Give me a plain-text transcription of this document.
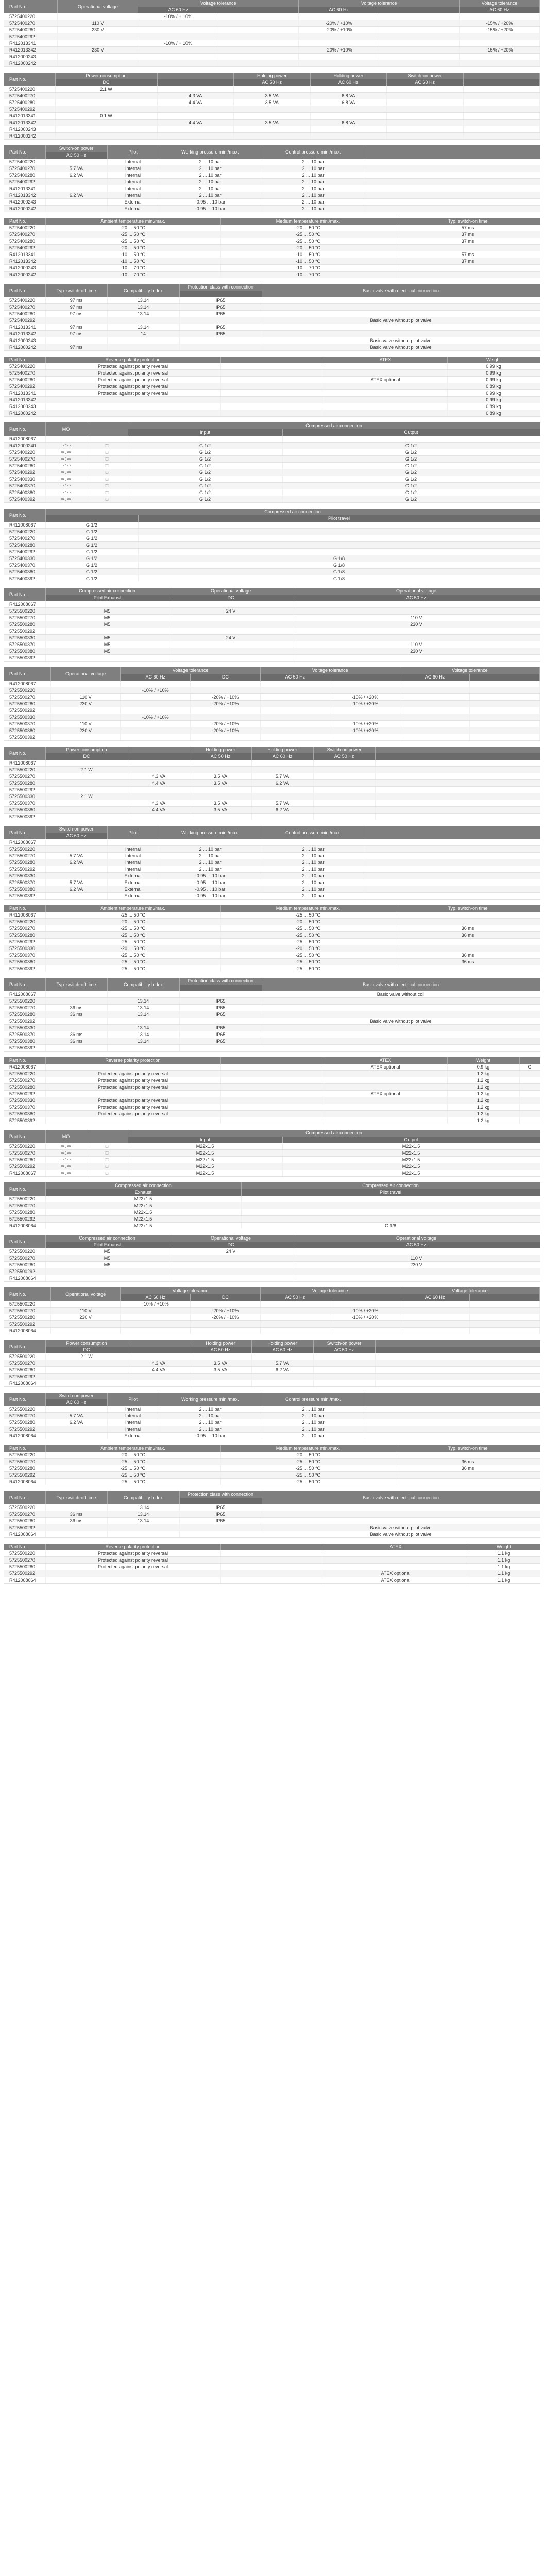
Part No.	Operational voltage	Voltage tolerance		Voltage tolerance		Voltage tolerance
		AC 60 Hz		AC 60 Hz		AC 60 Hz
5725400220		-10% / + 10%				
5725400270	110 V			-20% / +10%		-15% / +20%
5725400280	230 V			-20% / +10%		-15% / +20%
5725400292						
R412013341		-10% / + 10%				
R412013342	230 V			-20% / +10%		-15% / +20%
R412000243						
R412000242						
Part No.	Power consumption		Holding power	Holding power	Switch-on power	
	DC		AC 50 Hz	AC 60 Hz	AC 60 Hz	
5725400220	2.1 W					
5725400270		4.3 VA	3.5 VA	6.8 VA		
5725400280		4.4 VA	3.5 VA	6.8 VA		
5725400292						
R412013341	0.1 W					
R412013342		4.4 VA	3.5 VA	6.8 VA		
R412000243						
R412000242						
Part No.	Switch-on power	Pilot	Working pressure min./max.	Control pressure min./max.	
	AC 50 Hz				
5725400220		Internal	2 ... 10 bar	2 ... 10 bar	
5725400270	5.7 VA	Internal	2 ... 10 bar	2 ... 10 bar	
5725400280	6.2 VA	Internal	2 ... 10 bar	2 ... 10 bar	
5725400292		Internal	2 ... 10 bar	2 ... 10 bar	
R412013341		Internal	2 ... 10 bar	2 ... 10 bar	
R412013342	6.2 VA	Internal	2 ... 10 bar	2 ... 10 bar	
R412000243		External	-0.95 ... 10 bar	2 ... 10 bar	
R412000242		External	-0.95 ... 10 bar	2 ... 10 bar	
Part No.	Ambient temperature min./max.	Medium temperature min./max.	Typ. switch-on time
5725400220	-20 ... 50 °C	-20 ... 50 °C	57 ms
5725400270	-25 ... 50 °C	-25 ... 50 °C	37 ms
5725400280	-25 ... 50 °C	-25 ... 50 °C	37 ms
5725400292	-20 ... 50 °C	-20 ... 50 °C	
R412013341	-10 ... 50 °C	-10 ... 50 °C	57 ms
R412013342	-10 ... 50 °C	-10 ... 50 °C	37 ms
R412000243	-10 ... 70 °C	-10 ... 70 °C	
R412000242	-10 ... 70 °C	-10 ... 70 °C	
Part No.	Typ. switch-off time	Compatibility Index	Protection class with connection	Basic valve with electrical connection

5725400220	97 ms	13.14	IP65	
5725400270	97 ms	13.14	IP65	
5725400280	97 ms	13.14	IP65	
5725400292				Basic valve without pilot valve
R412013341	97 ms	13.14	IP65	
R412013342	97 ms	14	IP65	
R412000243				Basic valve without pilot valve
R412000242	97 ms			Basic valve without pilot valve
Part No.	Reverse polarity protection		ATEX	Weight
5725400220	Protected against polarity reversal			0.99 kg
5725400270	Protected against polarity reversal			0.99 kg
5725400280	Protected against polarity reversal		ATEX optional	0.99 kg
5725400292	Protected against polarity reversal			0.89 kg
R412013341	Protected against polarity reversal			0.99 kg
R412013342				0.99 kg
R412000243				0.89 kg
R412000242				0.89 kg
Part No.	MO		Compressed air connection	
			Input	Output
R412008067				
R412000240	▭▯▭	⬚	G 1/2	G 1/2
5725400220	▭▯▭	⬚	G 1/2	G 1/2
5725400270	▭▯▭	⬚	G 1/2	G 1/2
5725400280	▭▯▭	⬚	G 1/2	G 1/2
5725400292	▭▯▭	⬚	G 1/2	G 1/2
5725400330	▭▯▭	⬚	G 1/2	G 1/2
5725400370	▭▯▭	⬚	G 1/2	G 1/2
5725400380	▭▯▭	⬚	G 1/2	G 1/2
5725400392	▭▯▭	⬚	G 1/2	G 1/2
Part No.	Compressed air connection	
		Pilot travel
R412008067	G 1/2	
5725400220	G 1/2	
5725400270	G 1/2	
5725400280	G 1/2	
5725400292	G 1/2	
5725400330	G 1/2	G 1/8
5725400370	G 1/2	G 1/8
5725400380	G 1/2	G 1/8
5725400392	G 1/2	G 1/8
Part No.	Compressed air connection	Operational voltage	Operational voltage
	Pilot Exhaust	DC	AC 50 Hz
R412008067			
5725500220	M5	24 V	
5725500270	M5		110 V
5725500280	M5		230 V
5725500292			
5725500330	M5	24 V	
5725500370	M5		110 V
5725500380	M5		230 V
5725500392			
Part No.	Operational voltage	Voltage tolerance		Voltage tolerance		Voltage tolerance	
		AC 60 Hz	DC	AC 50 Hz		AC 60 Hz	
R412008067							
5725500220		-10% / +10%					
5725500270	110 V		-20% / +10%		-10% / +20%		
5725500280	230 V		-20% / +10%		-10% / +20%		
5725500292							
5725500330		-10% / +10%					
5725500370	110 V		-20% / +10%		-10% / +20%		
5725500380	230 V		-20% / +10%		-10% / +20%		
5725500392							
Part No.	Power consumption		Holding power	Holding power	Switch-on power	
	DC		AC 50 Hz	AC 60 Hz	AC 50 Hz	
R412008067						
5725500220	2.1 W					
5725500270		4.3 VA	3.5 VA	5.7 VA		
5725500280		4.4 VA	3.5 VA	6.2 VA		
5725500292						
5725500330	2.1 W					
5725500370		4.3 VA	3.5 VA	5.7 VA		
5725500380		4.4 VA	3.5 VA	6.2 VA		
5725500392						
Part No.	Switch-on power	Pilot	Working pressure min./max.	Control pressure min./max.	
	AC 60 Hz				
R412008067					
5725500220		Internal	2 ... 10 bar	2 ... 10 bar	
5725500270	5.7 VA	Internal	2 ... 10 bar	2 ... 10 bar	
5725500280	6.2 VA	Internal	2 ... 10 bar	2 ... 10 bar	
5725500292		Internal	2 ... 10 bar	2 ... 10 bar	
5725500330		External	-0.95 ... 10 bar	2 ... 10 bar	
5725500370	5.7 VA	External	-0.95 ... 10 bar	2 ... 10 bar	
5725500380	6.2 VA	External	-0.95 ... 10 bar	2 ... 10 bar	
5725500392		External	-0.95 ... 10 bar	2 ... 10 bar	
Part No.	Ambient temperature min./max.	Medium temperature min./max.	Typ. switch-on time
R412008067	-25 ... 50 °C	-25 ... 50 °C	
5725500220	-20 ... 50 °C	-20 ... 50 °C	
5725500270	-25 ... 50 °C	-25 ... 50 °C	36 ms
5725500280	-25 ... 50 °C	-25 ... 50 °C	36 ms
5725500292	-25 ... 50 °C	-25 ... 50 °C	
5725500330	-20 ... 50 °C	-20 ... 50 °C	
5725500370	-25 ... 50 °C	-25 ... 50 °C	36 ms
5725500380	-25 ... 50 °C	-25 ... 50 °C	36 ms
5725500392	-25 ... 50 °C	-25 ... 50 °C	
Part No.	Typ. switch-off time	Compatibility Index	Protection class with connection	Basic valve with electrical connection

R412008067				Basic valve without coil
5725500220		13.14	IP65	
5725500270	36 ms	13.14	IP65	
5725500280	36 ms	13.14	IP65	
5725500292				Basic valve without pilot valve
5725500330		13.14	IP65	
5725500370	36 ms	13.14	IP65	
5725500380	36 ms	13.14	IP65	
5725500392				
Part No.	Reverse polarity protection		ATEX	Weight	
R412008067			ATEX optional	0.9 kg	G
5725500220	Protected against polarity reversal			1.2 kg	
5725500270	Protected against polarity reversal			1.2 kg	
5725500280	Protected against polarity reversal			1.2 kg	
5725500292			ATEX optional	1.2 kg	
5725500330	Protected against polarity reversal			1.2 kg	
5725500370	Protected against polarity reversal			1.2 kg	
5725500380	Protected against polarity reversal			1.2 kg	
5725500392				1.2 kg	
Part No.	MO		Compressed air connection	
			Input	Output
5725500220	▭▯▭	⬚	M22x1.5	M22x1.5
5725500270	▭▯▭	⬚	M22x1.5	M22x1.5
5725500280	▭▯▭	⬚	M22x1.5	M22x1.5
5725500292	▭▯▭	⬚	M22x1.5	M22x1.5
R412008067	▭▯▭	⬚	M22x1.5	M22x1.5
Part No.	Compressed air connection	Compressed air connection
	Exhaust	Pilot travel
5725500220	M22x1.5	
5725500270	M22x1.5	
5725500280	M22x1.5	
5725500292	M22x1.5	
R412008064	M22x1.5	G 1/8
Part No.	Compressed air connection	Operational voltage	Operational voltage
	Pilot Exhaust	DC	AC 50 Hz
5725500220	M5	24 V	
5725500270	M5		110 V
5725500280	M5		230 V
5725500292			
R412008064			
Part No.	Operational voltage	Voltage tolerance		Voltage tolerance		Voltage tolerance	
		AC 60 Hz	DC	AC 50 Hz		AC 60 Hz	
5725500220		-10% / +10%					
5725500270	110 V		-20% / +10%		-10% / +20%		
5725500280	230 V		-20% / +10%		-10% / +20%		
5725500292							
R412008064							
Part No.	Power consumption		Holding power	Holding power	Switch-on power	
	DC		AC 50 Hz	AC 60 Hz	AC 50 Hz	
5725500220	2.1 W					
5725500270		4.3 VA	3.5 VA	5.7 VA		
5725500280		4.4 VA	3.5 VA	6.2 VA		
5725500292						
R412008064						
Part No.	Switch-on power	Pilot	Working pressure min./max.	Control pressure min./max.	
	AC 60 Hz				
5725500220		Internal	2 ... 10 bar	2 ... 10 bar	
5725500270	5.7 VA	Internal	2 ... 10 bar	2 ... 10 bar	
5725500280	6.2 VA	Internal	2 ... 10 bar	2 ... 10 bar	
5725500292		Internal	2 ... 10 bar	2 ... 10 bar	
R412008064		External	-0.95 ... 10 bar	2 ... 10 bar	
Part No.	Ambient temperature min./max.	Medium temperature min./max.	Typ. switch-on time
5725500220	-20 ... 50 °C	-20 ... 50 °C	
5725500270	-25 ... 50 °C	-25 ... 50 °C	36 ms
5725500280	-25 ... 50 °C	-25 ... 50 °C	36 ms
5725500292	-25 ... 50 °C	-25 ... 50 °C	
R412008064	-25 ... 50 °C	-25 ... 50 °C	
Part No.	Typ. switch-off time	Compatibility Index	Protection class with connection	Basic valve with electrical connection

5725500220		13.14	IP65	
5725500270	36 ms	13.14	IP65	
5725500280	36 ms	13.14	IP65	
5725500292				Basic valve without pilot valve
R412008064				Basic valve without pilot valve
Part No.	Reverse polarity protection		ATEX	Weight
5725500220	Protected against polarity reversal			1.1 kg
5725500270	Protected against polarity reversal			1.1 kg
5725500280	Protected against polarity reversal			1.1 kg
5725500292			ATEX optional	1.1 kg
R412008064			ATEX optional	1.1 kg
